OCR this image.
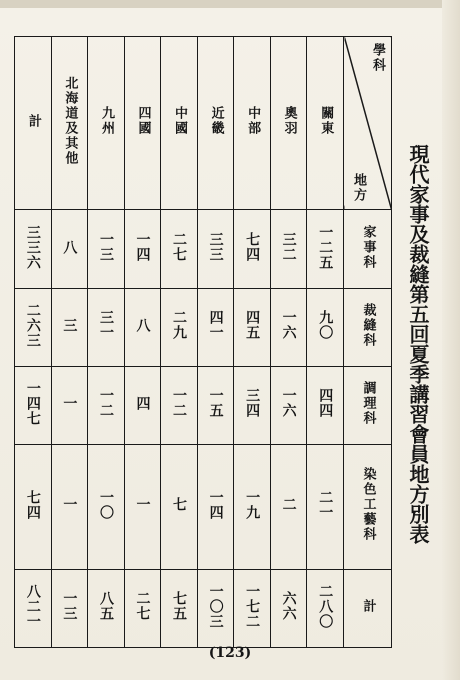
現代家事及裁縫第五回夏季講習會員地方別表
學科
地方	關東	奧羽	中部	近畿	中國	四國	九州	北海道及其他	計
家事科	一二五	三二	七四	三三	二七	一四	一三	八	三三六
裁縫科	九〇	一六	四五	四一	二九	八	三一	三	二六三
調理科	四四	一六	三四	一五	一二	四	一二	一	一四七
染色工藝科	二一	二	一九	一四	七	一	一〇	一	七四
計	二八〇	六六	一七二	一〇三	七五	二七	八五	一三	八二一
(123)
